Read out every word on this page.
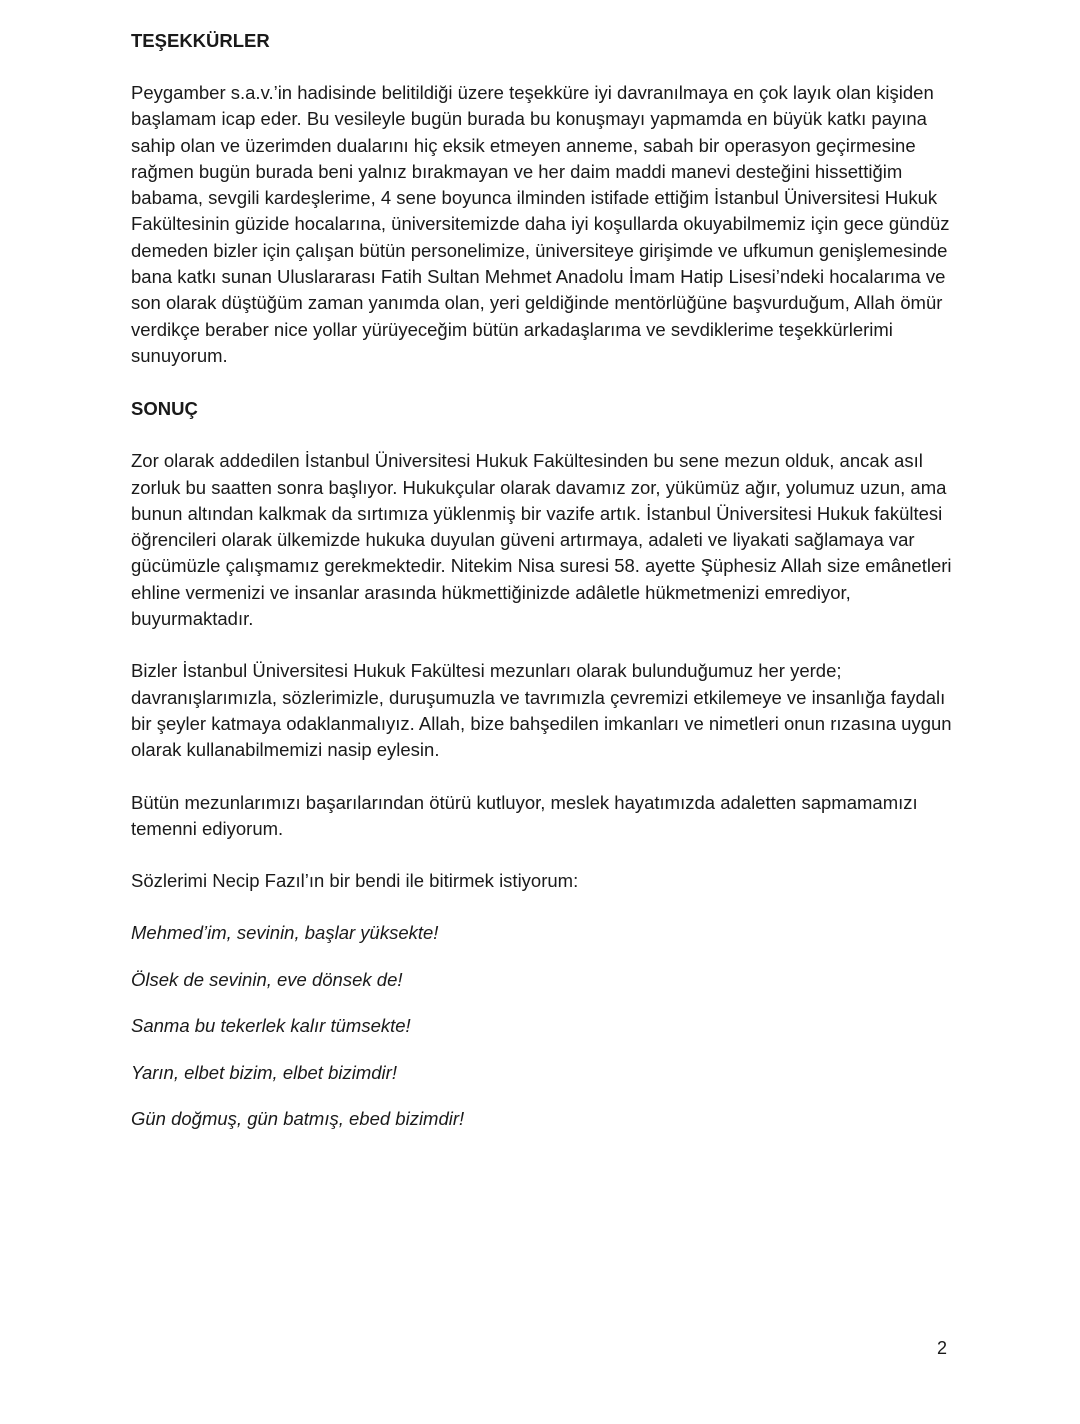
TEŞEKKÜRLER

Peygamber s.a.v.’in hadisinde belitildiği üzere teşekküre iyi davranılmaya en çok layık olan kişiden başlamam icap eder. Bu vesileyle bugün burada bu konuşmayı yapmamda en büyük katkı payına sahip olan ve üzerimden dualarını hiç eksik etmeyen anneme, sabah bir operasyon geçirmesine rağmen bugün burada beni yalnız bırakmayan ve her daim maddi manevi desteğini hissettiğim babama, sevgili kardeşlerime, 4 sene boyunca ilminden istifade ettiğim İstanbul Üniversitesi Hukuk Fakültesinin güzide hocalarına, üniversitemizde daha iyi koşullarda okuyabilmemiz için gece gündüz demeden bizler için çalışan bütün personelimize, üniversiteye girişimde ve ufkumun genişlemesinde bana katkı sunan Uluslararası Fatih Sultan Mehmet Anadolu İmam Hatip Lisesi’ndeki hocalarıma ve son olarak düştüğüm zaman yanımda olan, yeri geldiğinde mentörlüğüne başvurduğum, Allah ömür verdikçe beraber nice yollar yürüyeceğim bütün arkadaşlarıma ve sevdiklerime teşekkürlerimi sunuyorum.

SONUÇ

Zor olarak addedilen İstanbul Üniversitesi Hukuk Fakültesinden bu sene mezun olduk, ancak asıl zorluk bu saatten sonra başlıyor. Hukukçular olarak davamız zor, yükümüz ağır, yolumuz uzun, ama bunun altından kalkmak da sırtımıza yüklenmiş bir vazife artık. İstanbul Üniversitesi Hukuk fakültesi öğrencileri olarak ülkemizde hukuka duyulan güveni artırmaya, adaleti ve liyakati sağlamaya var gücümüzle çalışmamız gerekmektedir. Nitekim Nisa suresi 58. ayette Şüphesiz Allah size emânetleri ehline vermenizi ve insanlar arasında hükmettiğinizde adâletle hükmetmenizi emrediyor, buyurmaktadır.

Bizler İstanbul Üniversitesi Hukuk Fakültesi mezunları olarak bulunduğumuz her yerde; davranışlarımızla, sözlerimizle, duruşumuzla ve tavrımızla çevremizi etkilemeye ve insanlığa faydalı bir şeyler katmaya odaklanmalıyız. Allah, bize bahşedilen imkanları ve nimetleri onun rızasına uygun olarak kullanabilmemizi nasip eylesin.

Bütün mezunlarımızı başarılarından ötürü kutluyor, meslek hayatımızda adaletten sapmamamızı temenni ediyorum.

Sözlerimi Necip Fazıl’ın bir bendi ile bitirmek istiyorum:

Mehmed’im, sevinin, başlar yüksekte!

Ölsek de sevinin, eve dönsek de!

Sanma bu tekerlek kalır tümsekte!

Yarın, elbet bizim, elbet bizimdir!

Gün doğmuş, gün batmış, ebed bizimdir!

2
